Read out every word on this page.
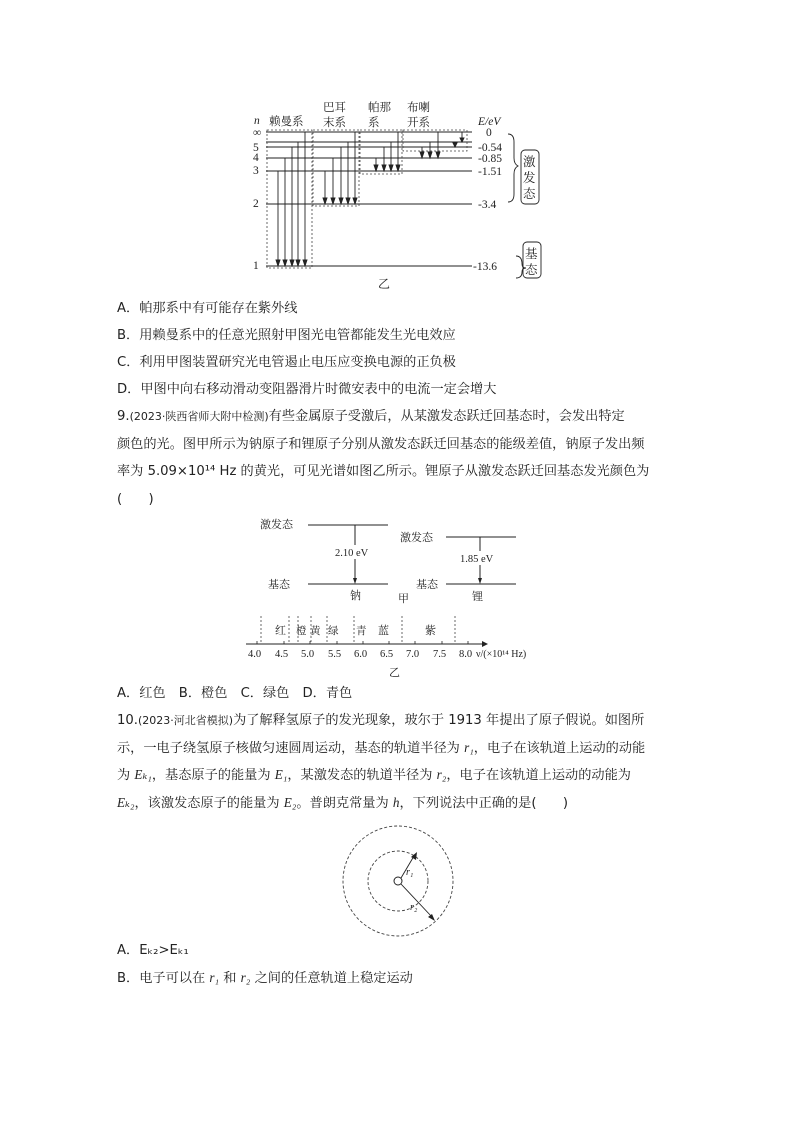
n 赖曼系
巴耳
末系
帕那
系
布喇
开系	E/eV
∞
5
4
3
2
1
0
-0.54
-0.85
-1.51
-3.4
-13.6
激
发
态
基
态
乙
A．帕那系中有可能存在紫外线
B．用赖曼系中的任意光照射甲图光电管都能发生光电效应
C．利用甲图装置研究光电管遏止电压应变换电源的正负极
D．甲图中向右移动滑动变阻器滑片时微安表中的电流一定会增大
9.(2023·陕西省师大附中检测)有些金属原子受激后，从某激发态跃迁回基态时，会发出特定
颜色的光。图甲所示为钠原子和锂原子分别从激发态跃迁回基态的能级差值，钠原子发出频
率为 5.09×10¹⁴ Hz 的黄光，可见光谱如图乙所示。锂原子从激发态跃迁回基态发光颜色为
(　　)
激发态
基态
激发态
基态
2.10 eV
1.85 eV
钠	锂
甲
红 橙 黄 绿 青 蓝	紫
4.0 4.5 5.0 5.5 6.0 6.5 7.0 7.5 8.0 ν/(×10¹⁴ Hz)
乙
A．红色　B．橙色　C．绿色　D．青色
10.(2023·河北省模拟)为了解释氢原子的发光现象，玻尔于 1913 年提出了原子假说。如图所
示，一电子绕氢原子核做匀速圆周运动，基态的轨道半径为 r₁，电子在该轨道上运动的动能
为 Eₖ₁，基态原子的能量为 E₁，某激发态的轨道半径为 r₂，电子在该轨道上运动的动能为
Eₖ₂，该激发态原子的能量为 E₂。普朗克常量为 h，下列说法中正确的是(　　)
r₁
r₂
A．Eₖ₂>Eₖ₁
B．电子可以在 r₁ 和 r₂ 之间的任意轨道上稳定运动
